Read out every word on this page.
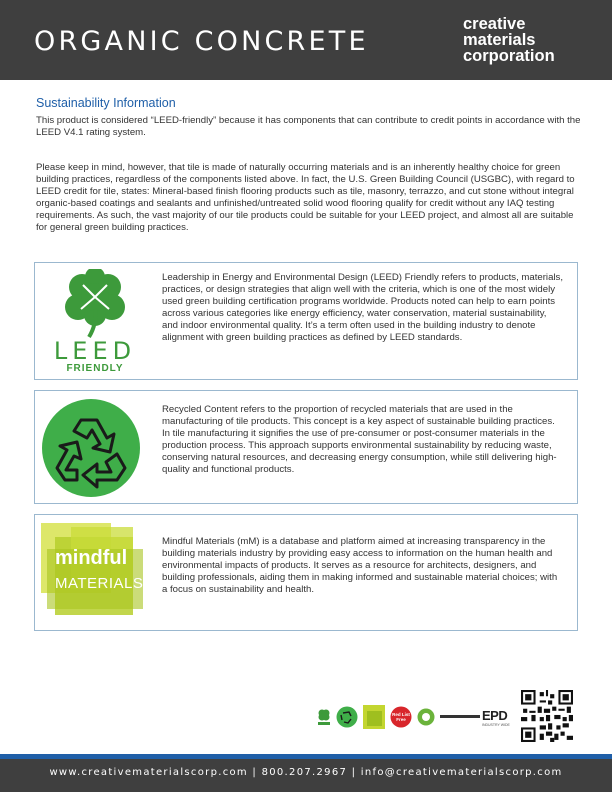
ORGANIC CONCRETE
creative
materials
corporation
Sustainability Information
This product is considered “LEED-friendly” because it has components that can contribute to credit points in accordance with the LEED V4.1 rating system.
Please keep in mind, however, that tile is made of naturally occurring materials and is an inherently healthy choice for green building practices, regardless of the components listed above. In fact, the U.S. Green Building Council (USGBC), with regard to LEED credit for tile, states: Mineral-based finish flooring products such as tile, masonry, terrazzo, and cut stone without integral organic-based coatings and sealants and unfinished/untreated solid wood flooring qualify for credit without any IAQ testing requirements. As such, the vast majority of our tile products could be suitable for your LEED project, and almost all are suitable for general green building practices.
LEED
FRIENDLY
Leadership in Energy and Environmental Design (LEED) Friendly refers to products, materials, practices, or design strategies that align well with the criteria, which is one of the most widely used green building certification programs worldwide. Products noted can help to earn points across various categories like energy efficiency, water conservation, material sustainability, and indoor environmental quality. It’s a term often used in the building industry to denote alignment with green building practices as defined by LEED standards.
Recycled Content refers to the proportion of recycled materials that are used in the manufacturing of tile products. This concept is a key aspect of sustainable building practices. In tile manufacturing it signifies the use of pre-consumer or post-consumer materials in the production process. This approach supports environmental sustainability by reducing waste, conserving natural resources, and decreasing energy consumption, while still delivering high-quality and functional products.
mindful
MATERIALS
Mindful Materials (mM) is a database and platform aimed at increasing transparency in the building materials industry by providing easy access to information on the human health and environmental impacts of products. It serves as a resource for architects, designers, and building professionals, aiding them in making informed and sustainable material choices; with a focus on sustainability and health.
Red List Free	EPD
INDUSTRY WIDE
www.creativematerialscorp.com | 800.207.2967 | info@creativematerialscorp.com
